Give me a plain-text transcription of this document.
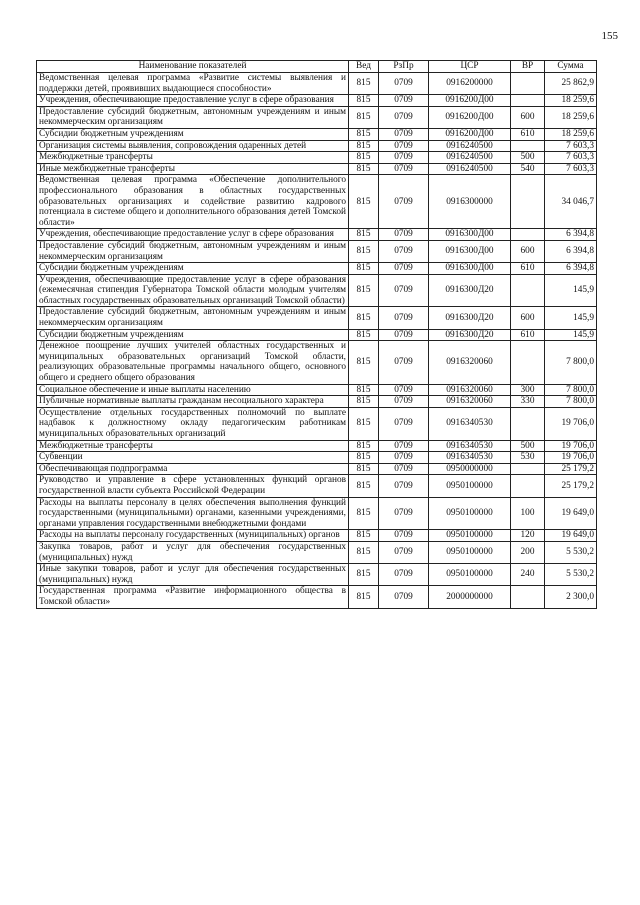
155
Наименование показателей	Вед	РзПр	ЦСР	ВР	Сумма
Ведомственная целевая программа «Развитие системы выявления и поддержки детей, проявивших выдающиеся способности»	815	0709	0916200000		25 862,9
Учреждения, обеспечивающие предоставление услуг в сфере образования	815	0709	0916200Д00		18 259,6
Предоставление субсидий бюджетным, автономным учреждениям и иным некоммерческим организациям	815	0709	0916200Д00	600	18 259,6
Субсидии бюджетным учреждениям	815	0709	0916200Д00	610	18 259,6
Организация системы выявления, сопровождения одаренных детей	815	0709	0916240500		7 603,3
Межбюджетные трансферты	815	0709	0916240500	500	7 603,3
Иные межбюджетные трансферты	815	0709	0916240500	540	7 603,3
Ведомственная целевая программа «Обеспечение дополнительного профессионального образования в областных государственных образовательных организациях и содействие развитию кадрового потенциала в системе общего и дополнительного образования детей Томской области»	815	0709	0916300000		34 046,7
Учреждения, обеспечивающие предоставление услуг в сфере образования	815	0709	0916300Д00		6 394,8
Предоставление субсидий бюджетным, автономным учреждениям и иным некоммерческим организациям	815	0709	0916300Д00	600	6 394,8
Субсидии бюджетным учреждениям	815	0709	0916300Д00	610	6 394,8
Учреждения, обеспечивающие предоставление услуг в сфере образования (ежемесячная стипендия Губернатора Томской области молодым учителям областных государственных образовательных организаций Томской области)	815	0709	0916300Д20		145,9
Предоставление субсидий бюджетным, автономным учреждениям и иным некоммерческим организациям	815	0709	0916300Д20	600	145,9
Субсидии бюджетным учреждениям	815	0709	0916300Д20	610	145,9
Денежное поощрение лучших учителей областных государственных и муниципальных образовательных организаций Томской области, реализующих образовательные программы начального общего, основного общего и среднего общего образования	815	0709	0916320060		7 800,0
Социальное обеспечение и иные выплаты населению	815	0709	0916320060	300	7 800,0
Публичные нормативные выплаты гражданам несоциального характера	815	0709	0916320060	330	7 800,0
Осуществление отдельных государственных полномочий по выплате надбавок к должностному окладу педагогическим работникам муниципальных образовательных организаций	815	0709	0916340530		19 706,0
Межбюджетные трансферты	815	0709	0916340530	500	19 706,0
Субвенции	815	0709	0916340530	530	19 706,0
Обеспечивающая подпрограмма	815	0709	0950000000		25 179,2
Руководство и управление в сфере установленных функций органов государственной власти субъекта Российской Федерации	815	0709	0950100000		25 179,2
Расходы на выплаты персоналу в целях обеспечения выполнения функций государственными (муниципальными) органами, казенными учреждениями, органами управления государственными внебюджетными фондами	815	0709	0950100000	100	19 649,0
Расходы на выплаты персоналу государственных (муниципальных) органов	815	0709	0950100000	120	19 649,0
Закупка товаров, работ и услуг для обеспечения государственных (муниципальных) нужд	815	0709	0950100000	200	5 530,2
Иные закупки товаров, работ и услуг для обеспечения государственных (муниципальных) нужд	815	0709	0950100000	240	5 530,2
Государственная программа «Развитие информационного общества в Томской области»	815	0709	2000000000		2 300,0
